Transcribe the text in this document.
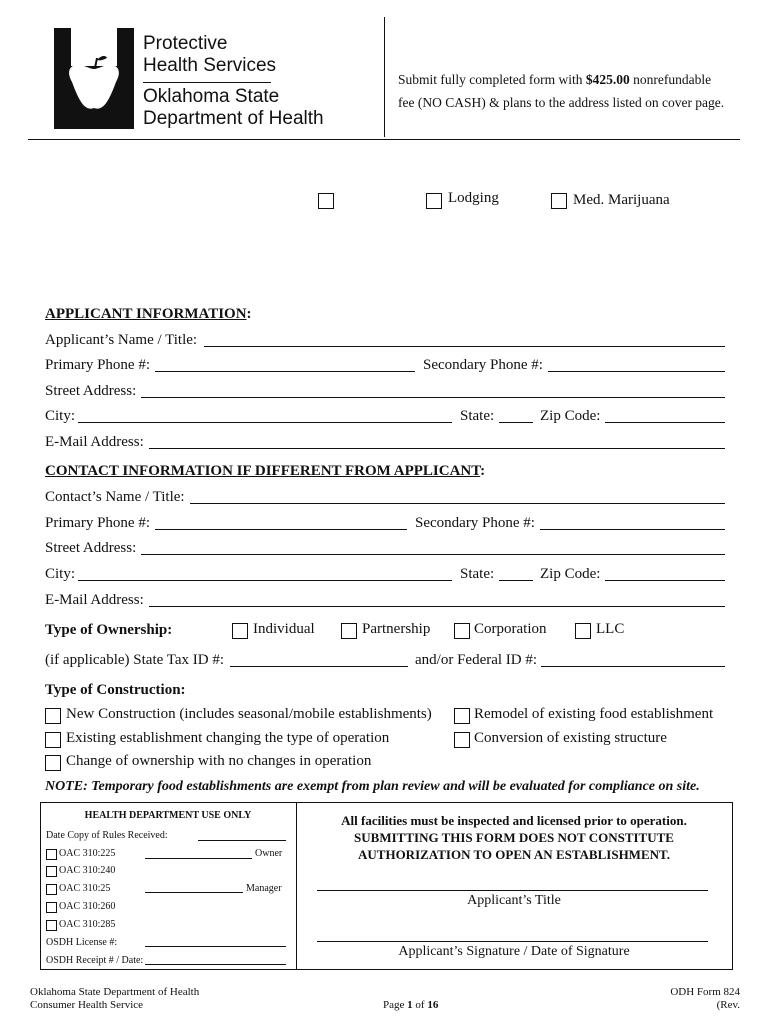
Protective
Health Services
Oklahoma State
Department of Health
Submit fully completed form with $425.00 nonrefundable
fee (NO CASH) & plans to the address listed on cover page.
Lodging	Med. Marijuana
APPLICANT INFORMATION:
Applicant’s Name / Title:
Primary Phone #:	Secondary Phone #:
Street Address:
City:	State:	Zip Code:
E-Mail Address:
CONTACT INFORMATION IF DIFFERENT FROM APPLICANT:
Contact’s Name / Title:
Primary Phone #:	Secondary Phone #:
Street Address:
City:	State:	Zip Code:
E-Mail Address:
Type of Ownership:	Individual	Partnership	Corporation	LLC
(if applicable) State Tax ID #:	and/or Federal ID #:
Type of Construction:
New Construction (includes seasonal/mobile establishments)	Remodel of existing food establishment
Existing establishment changing the type of operation	Conversion of existing structure
Change of ownership with no changes in operation
NOTE: Temporary food establishments are exempt from plan review and will be evaluated for compliance on site.
HEALTH DEPARTMENT USE ONLY
Date Copy of Rules Received:
OAC 310:225	Owner
OAC 310:240
OAC 310:25	Manager
OAC 310:260
OAC 310:285
OSDH License #:
OSDH Receipt # / Date:
All facilities must be inspected and licensed prior to operation.
SUBMITTING THIS FORM DOES NOT CONSTITUTE
AUTHORIZATION TO OPEN AN ESTABLISHMENT.
Applicant’s Title
Applicant’s Signature / Date of Signature
Oklahoma State Department of Health
Consumer Health Service	Page 1 of 16
ODH Form 824
(Rev.
